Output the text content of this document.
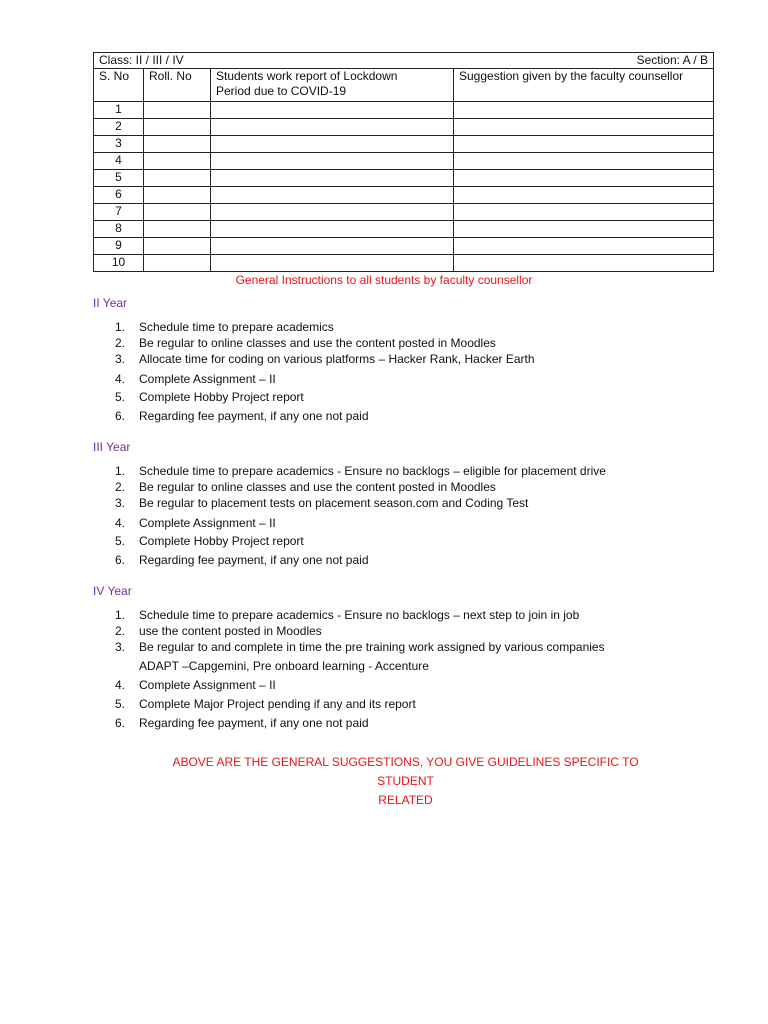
Class: II / III / IV Section: A / B			

S. No	Roll. No	Students work report of Lockdown
Period due to COVID-19	Suggestion given by the faculty counsellor
1			
2			
3			
4			
5			
6			
7			
8			
9			
10			
General Instructions to all students by faculty counsellor
II Year
1.	Schedule time to prepare academics
2.	Be regular to online classes and use the content posted in Moodles
3.	Allocate time for coding on various platforms – Hacker Rank, Hacker Earth
4.	Complete Assignment – II
5.	Complete Hobby Project report
6.	Regarding fee payment, if any one not paid
III Year
1.	Schedule time to prepare academics - Ensure no backlogs – eligible for placement drive
2.	Be regular to online classes and use the content posted in Moodles
3.	Be regular to placement tests on placement season.com and Coding Test
4.	Complete Assignment – II
5.	Complete Hobby Project report
6.	Regarding fee payment, if any one not paid
IV Year
1.	Schedule time to prepare academics - Ensure no backlogs – next step to join in job
2.	use the content posted in Moodles
3.	Be regular to and complete in time the pre training work assigned by various companies
ADAPT –Capgemini, Pre onboard learning - Accenture
4.	Complete Assignment – II
5.	Complete Major Project pending if any and its report
6.	Regarding fee payment, if any one not paid
ABOVE ARE THE GENERAL SUGGESTIONS, YOU GIVE GUIDELINES SPECIFIC TO STUDENT
RELATED
